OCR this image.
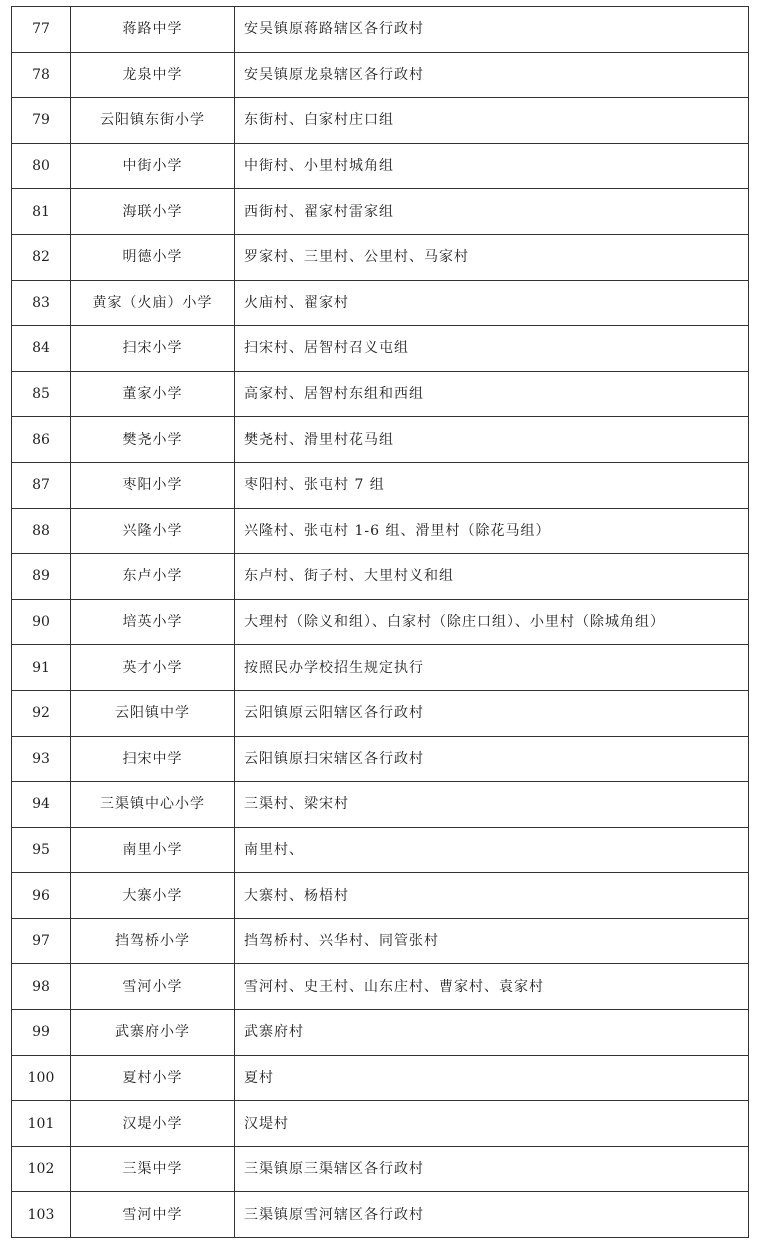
77	蒋路中学	安吴镇原蒋路辖区各行政村
78	龙泉中学	安吴镇原龙泉辖区各行政村
79	云阳镇东街小学	东街村、白家村庄口组
80	中街小学	中街村、小里村城角组
81	海联小学	西街村、翟家村雷家组
82	明德小学	罗家村、三里村、公里村、马家村
83	黄家（火庙）小学	火庙村、翟家村
84	扫宋小学	扫宋村、居智村召义屯组
85	董家小学	高家村、居智村东组和西组
86	樊尧小学	樊尧村、滑里村花马组
87	枣阳小学	枣阳村、张屯村 7 组
88	兴隆小学	兴隆村、张屯村 1-6 组、滑里村（除花马组）
89	东卢小学	东卢村、街子村、大里村义和组
90	培英小学	大理村（除义和组）、白家村（除庄口组）、小里村（除城角组）
91	英才小学	按照民办学校招生规定执行
92	云阳镇中学	云阳镇原云阳辖区各行政村
93	扫宋中学	云阳镇原扫宋辖区各行政村
94	三渠镇中心小学	三渠村、梁宋村
95	南里小学	南里村、
96	大寨小学	大寨村、杨梧村
97	挡驾桥小学	挡驾桥村、兴华村、同管张村
98	雪河小学	雪河村、史王村、山东庄村、曹家村、袁家村
99	武寨府小学	武寨府村
100	夏村小学	夏村
101	汉堤小学	汉堤村
102	三渠中学	三渠镇原三渠辖区各行政村
103	雪河中学	三渠镇原雪河辖区各行政村
